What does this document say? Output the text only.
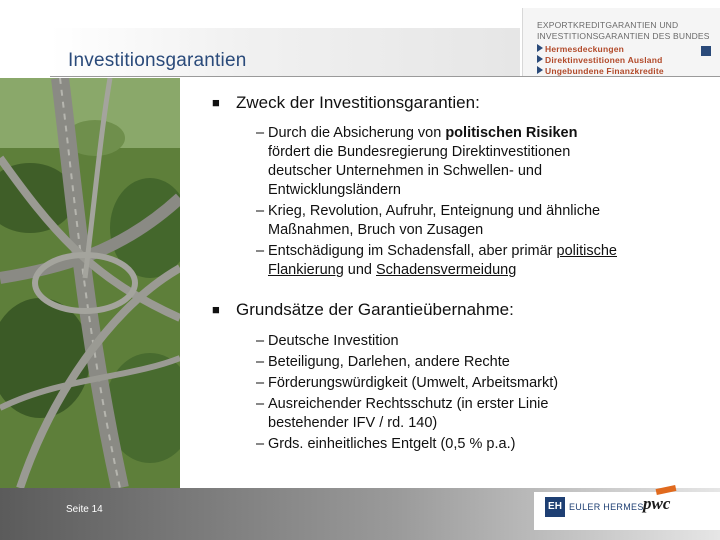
Investitionsgarantien
EXPORTKREDITGARANTIEN UND
INVESTITIONSGARANTIEN DES BUNDES
Hermesdeckungen
Direktinvestitionen Ausland
Ungebundene Finanzkredite
■ Zweck der Investitionsgarantien:
– Durch die Absicherung von politischen Risiken
fördert die Bundesregierung Direktinvestitionen
deutscher Unternehmen in Schwellen- und
Entwicklungsländern
– Krieg, Revolution, Aufruhr, Enteignung und ähnliche
Maßnahmen, Bruch von Zusagen
– Entschädigung im Schadensfall, aber primär politische
Flankierung und Schadensvermeidung
■ Grundsätze der Garantieübernahme:
– Deutsche Investition
– Beteiligung, Darlehen, andere Rechte
– Förderungswürdigkeit (Umwelt, Arbeitsmarkt)
– Ausreichender Rechtsschutz (in erster Linie
bestehender IFV / rd. 140)
– Grds. einheitliches Entgelt (0,5 % p.a.)
Seite 14	EH EULER HERMES pwc
